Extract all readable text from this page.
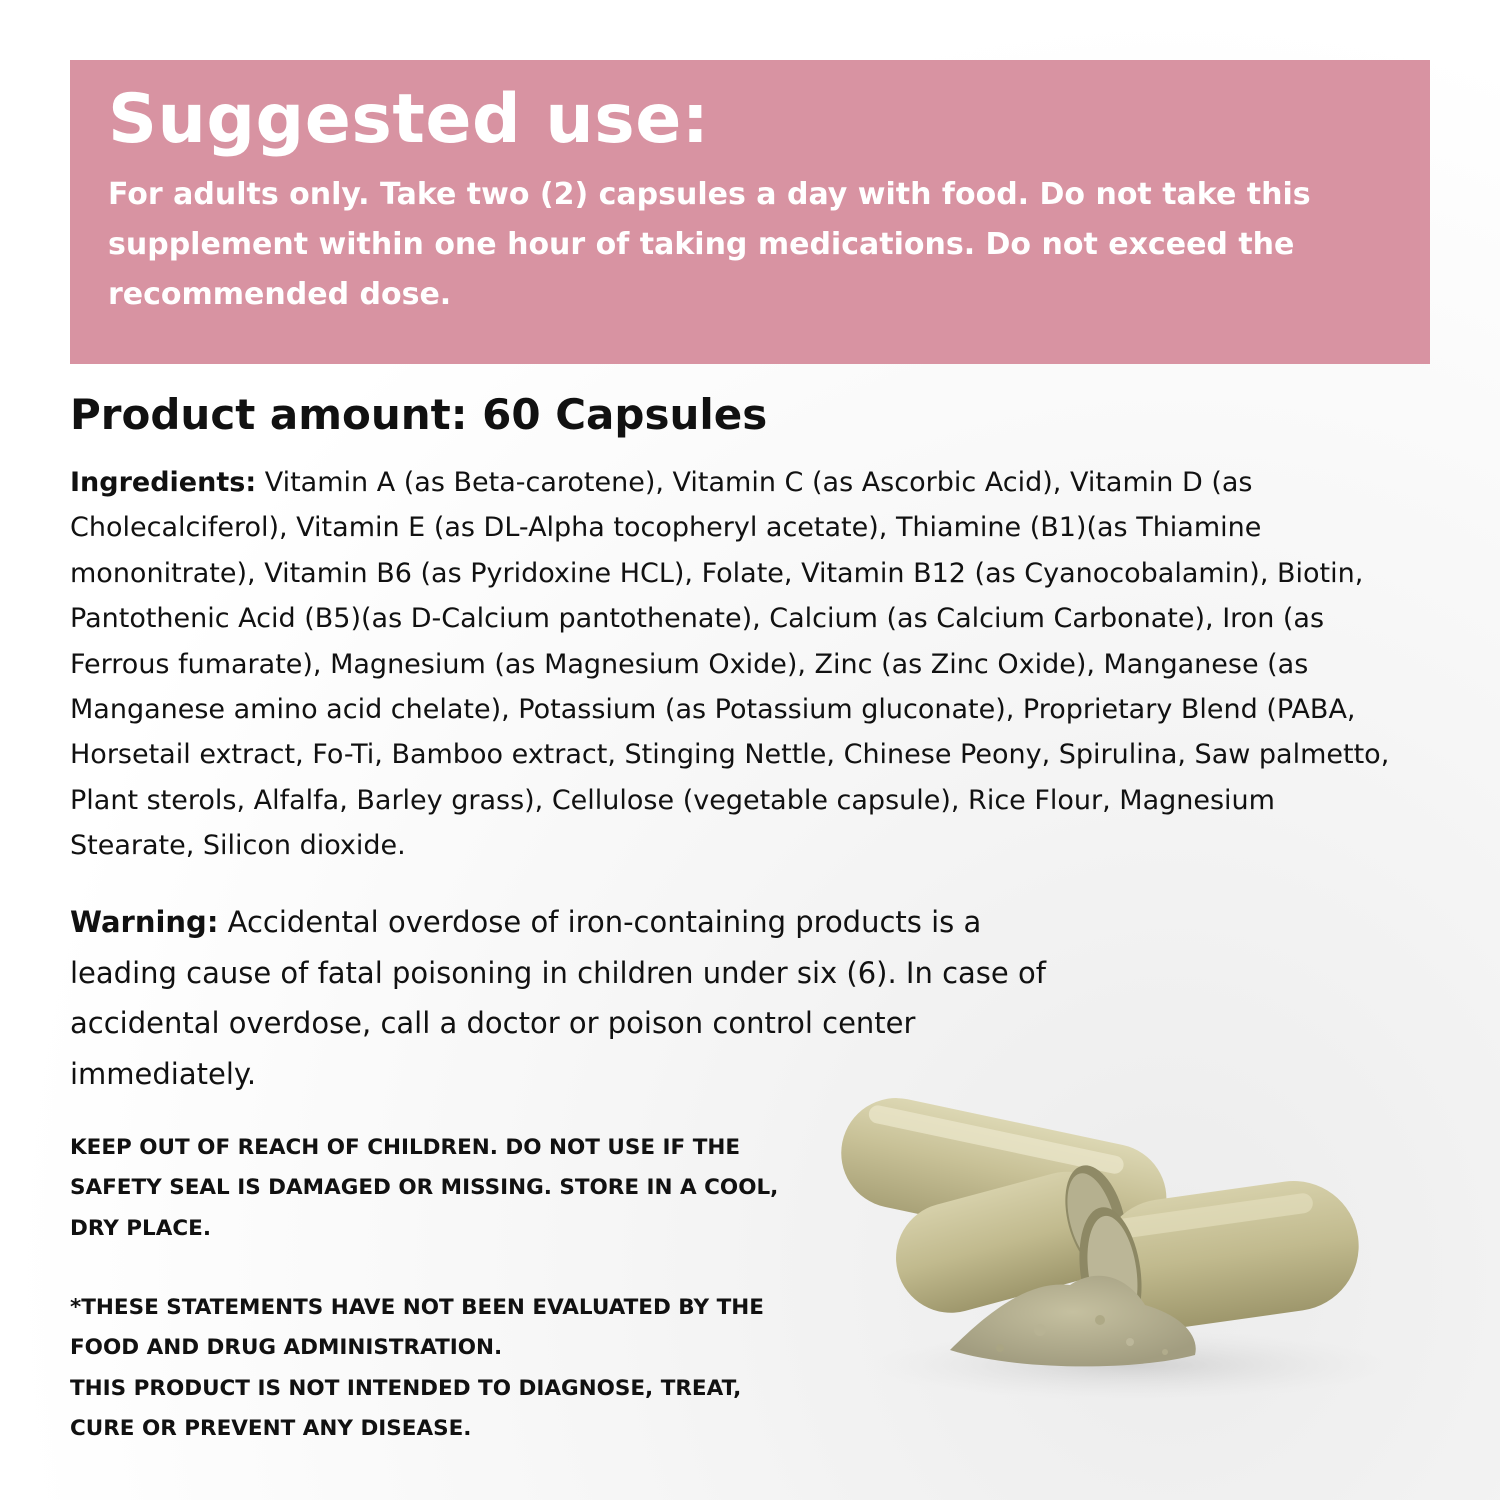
Suggested use:

For adults only. Take two (2) capsules a day with food. Do not take this supplement within one hour of taking medications. Do not exceed the recommended dose.

Product amount: 60 Capsules

Ingredients: Vitamin A (as Beta-carotene), Vitamin C (as Ascorbic Acid), Vitamin D (as Cholecalciferol), Vitamin E (as DL-Alpha tocopheryl acetate), Thiamine (B1)(as Thiamine mononitrate), Vitamin B6 (as Pyridoxine HCL), Folate, Vitamin B12 (as Cyanocobalamin), Biotin, Pantothenic Acid (B5)(as D-Calcium pantothenate), Calcium (as Calcium Carbonate), Iron (as Ferrous fumarate), Magnesium (as Magnesium Oxide), Zinc (as Zinc Oxide), Manganese (as Manganese amino acid chelate), Potassium (as Potassium gluconate), Proprietary Blend (PABA, Horsetail extract, Fo-Ti, Bamboo extract, Stinging Nettle, Chinese Peony, Spirulina, Saw palmetto, Plant sterols, Alfalfa, Barley grass), Cellulose (vegetable capsule), Rice Flour, Magnesium Stearate, Silicon dioxide.

Warning: Accidental overdose of iron-containing products is a leading cause of fatal poisoning in children under six (6). In case of accidental overdose, call a doctor or poison control center immediately.

KEEP OUT OF REACH OF CHILDREN. DO NOT USE IF THE SAFETY SEAL IS DAMAGED OR MISSING. STORE IN A COOL, DRY PLACE.

*THESE STATEMENTS HAVE NOT BEEN EVALUATED BY THE FOOD AND DRUG ADMINISTRATION.
THIS PRODUCT IS NOT INTENDED TO DIAGNOSE, TREAT, CURE OR PREVENT ANY DISEASE.
